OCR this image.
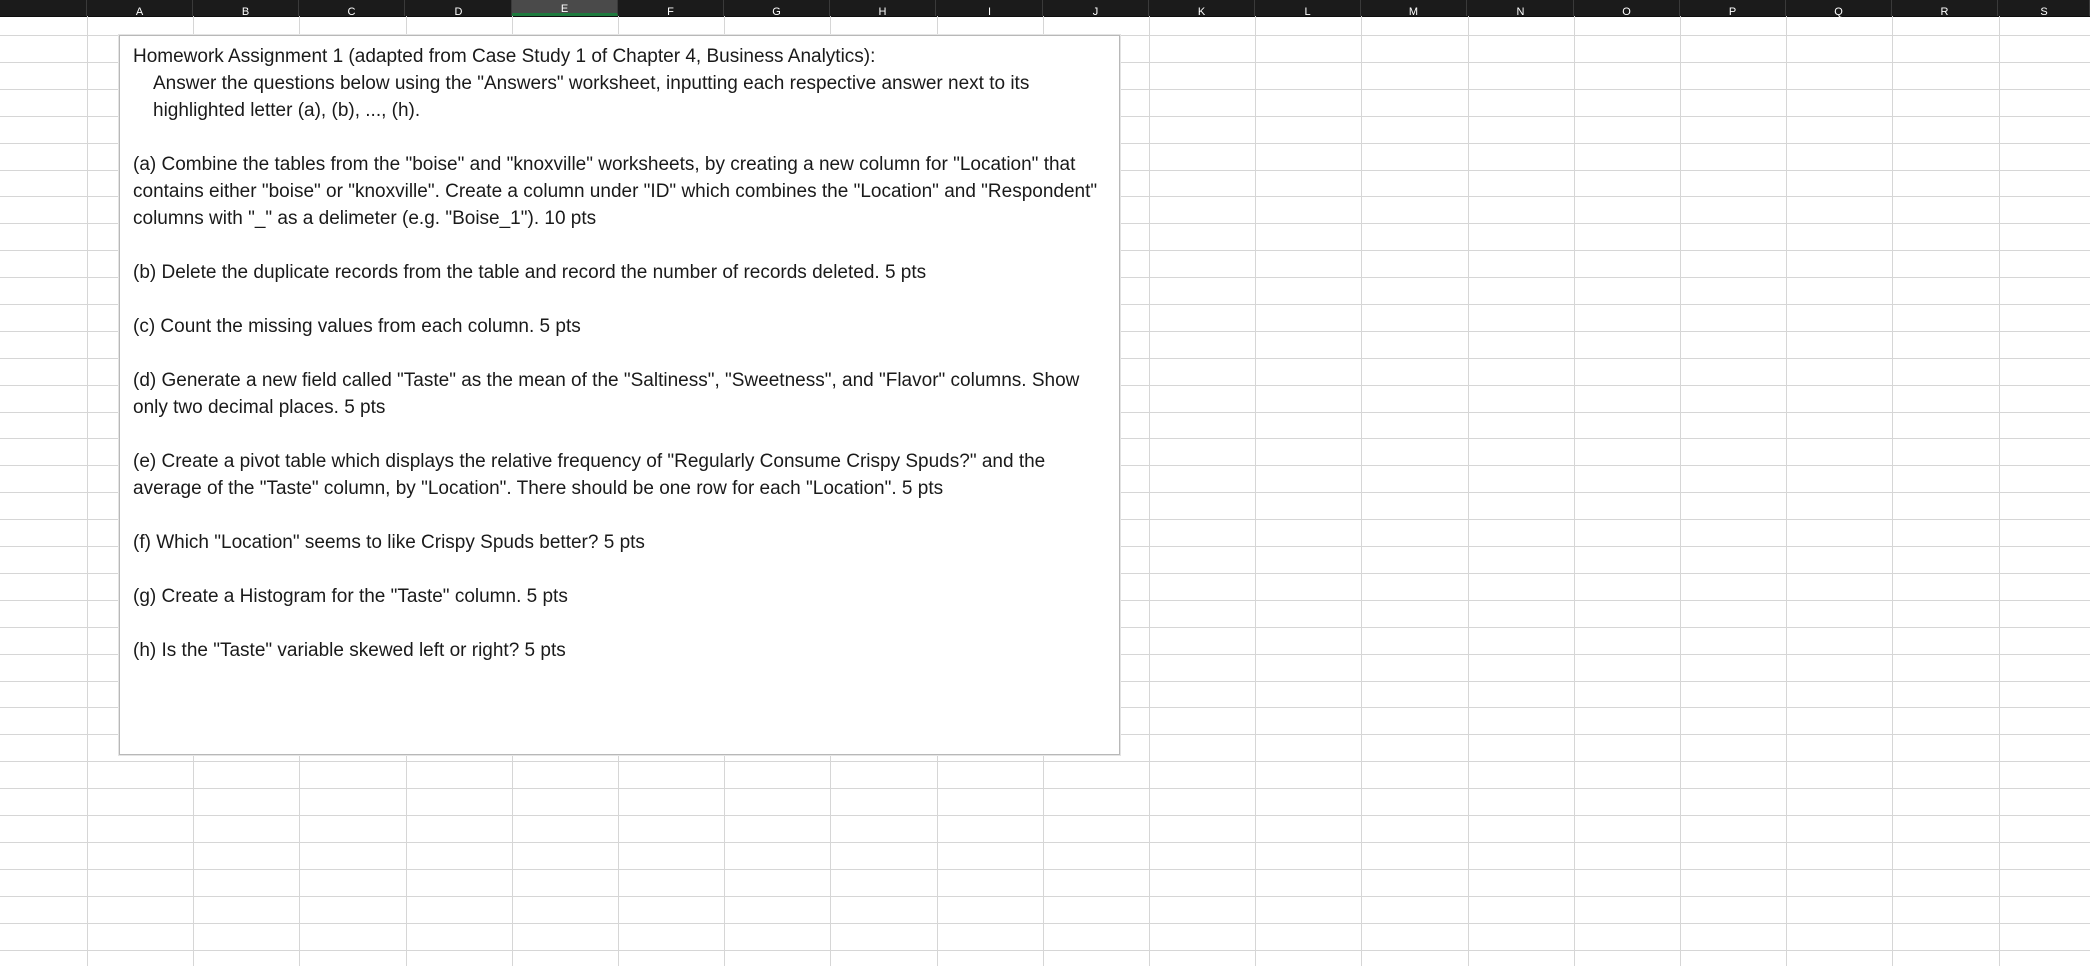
A	B	C	D	E	F	G	H	I	J	K	L	M	N	O	P	Q	R	S

Homework Assignment 1 (adapted from Case Study 1 of Chapter 4, Business Analytics):

Answer the questions below using the "Answers" worksheet, inputting each respective answer next to its highlighted letter (a), (b), ..., (h).

(a) Combine the tables from the "boise" and "knoxville" worksheets, by creating a new column for "Location" that contains either "boise" or "knoxville". Create a column under "ID" which combines the "Location" and "Respondent" columns with "_" as a delimeter (e.g. "Boise_1"). 10 pts

(b) Delete the duplicate records from the table and record the number of records deleted. 5 pts

(c) Count the missing values from each column. 5 pts

(d) Generate a new field called "Taste" as the mean of the "Saltiness", "Sweetness", and "Flavor" columns. Show only two decimal places. 5 pts

(e) Create a pivot table which displays the relative frequency of "Regularly Consume Crispy Spuds?" and the average of the "Taste" column, by "Location". There should be one row for each "Location". 5 pts

(f) Which "Location" seems to like Crispy Spuds better? 5 pts

(g) Create a Histogram for the "Taste" column. 5 pts

(h) Is the "Taste" variable skewed left or right? 5 pts
